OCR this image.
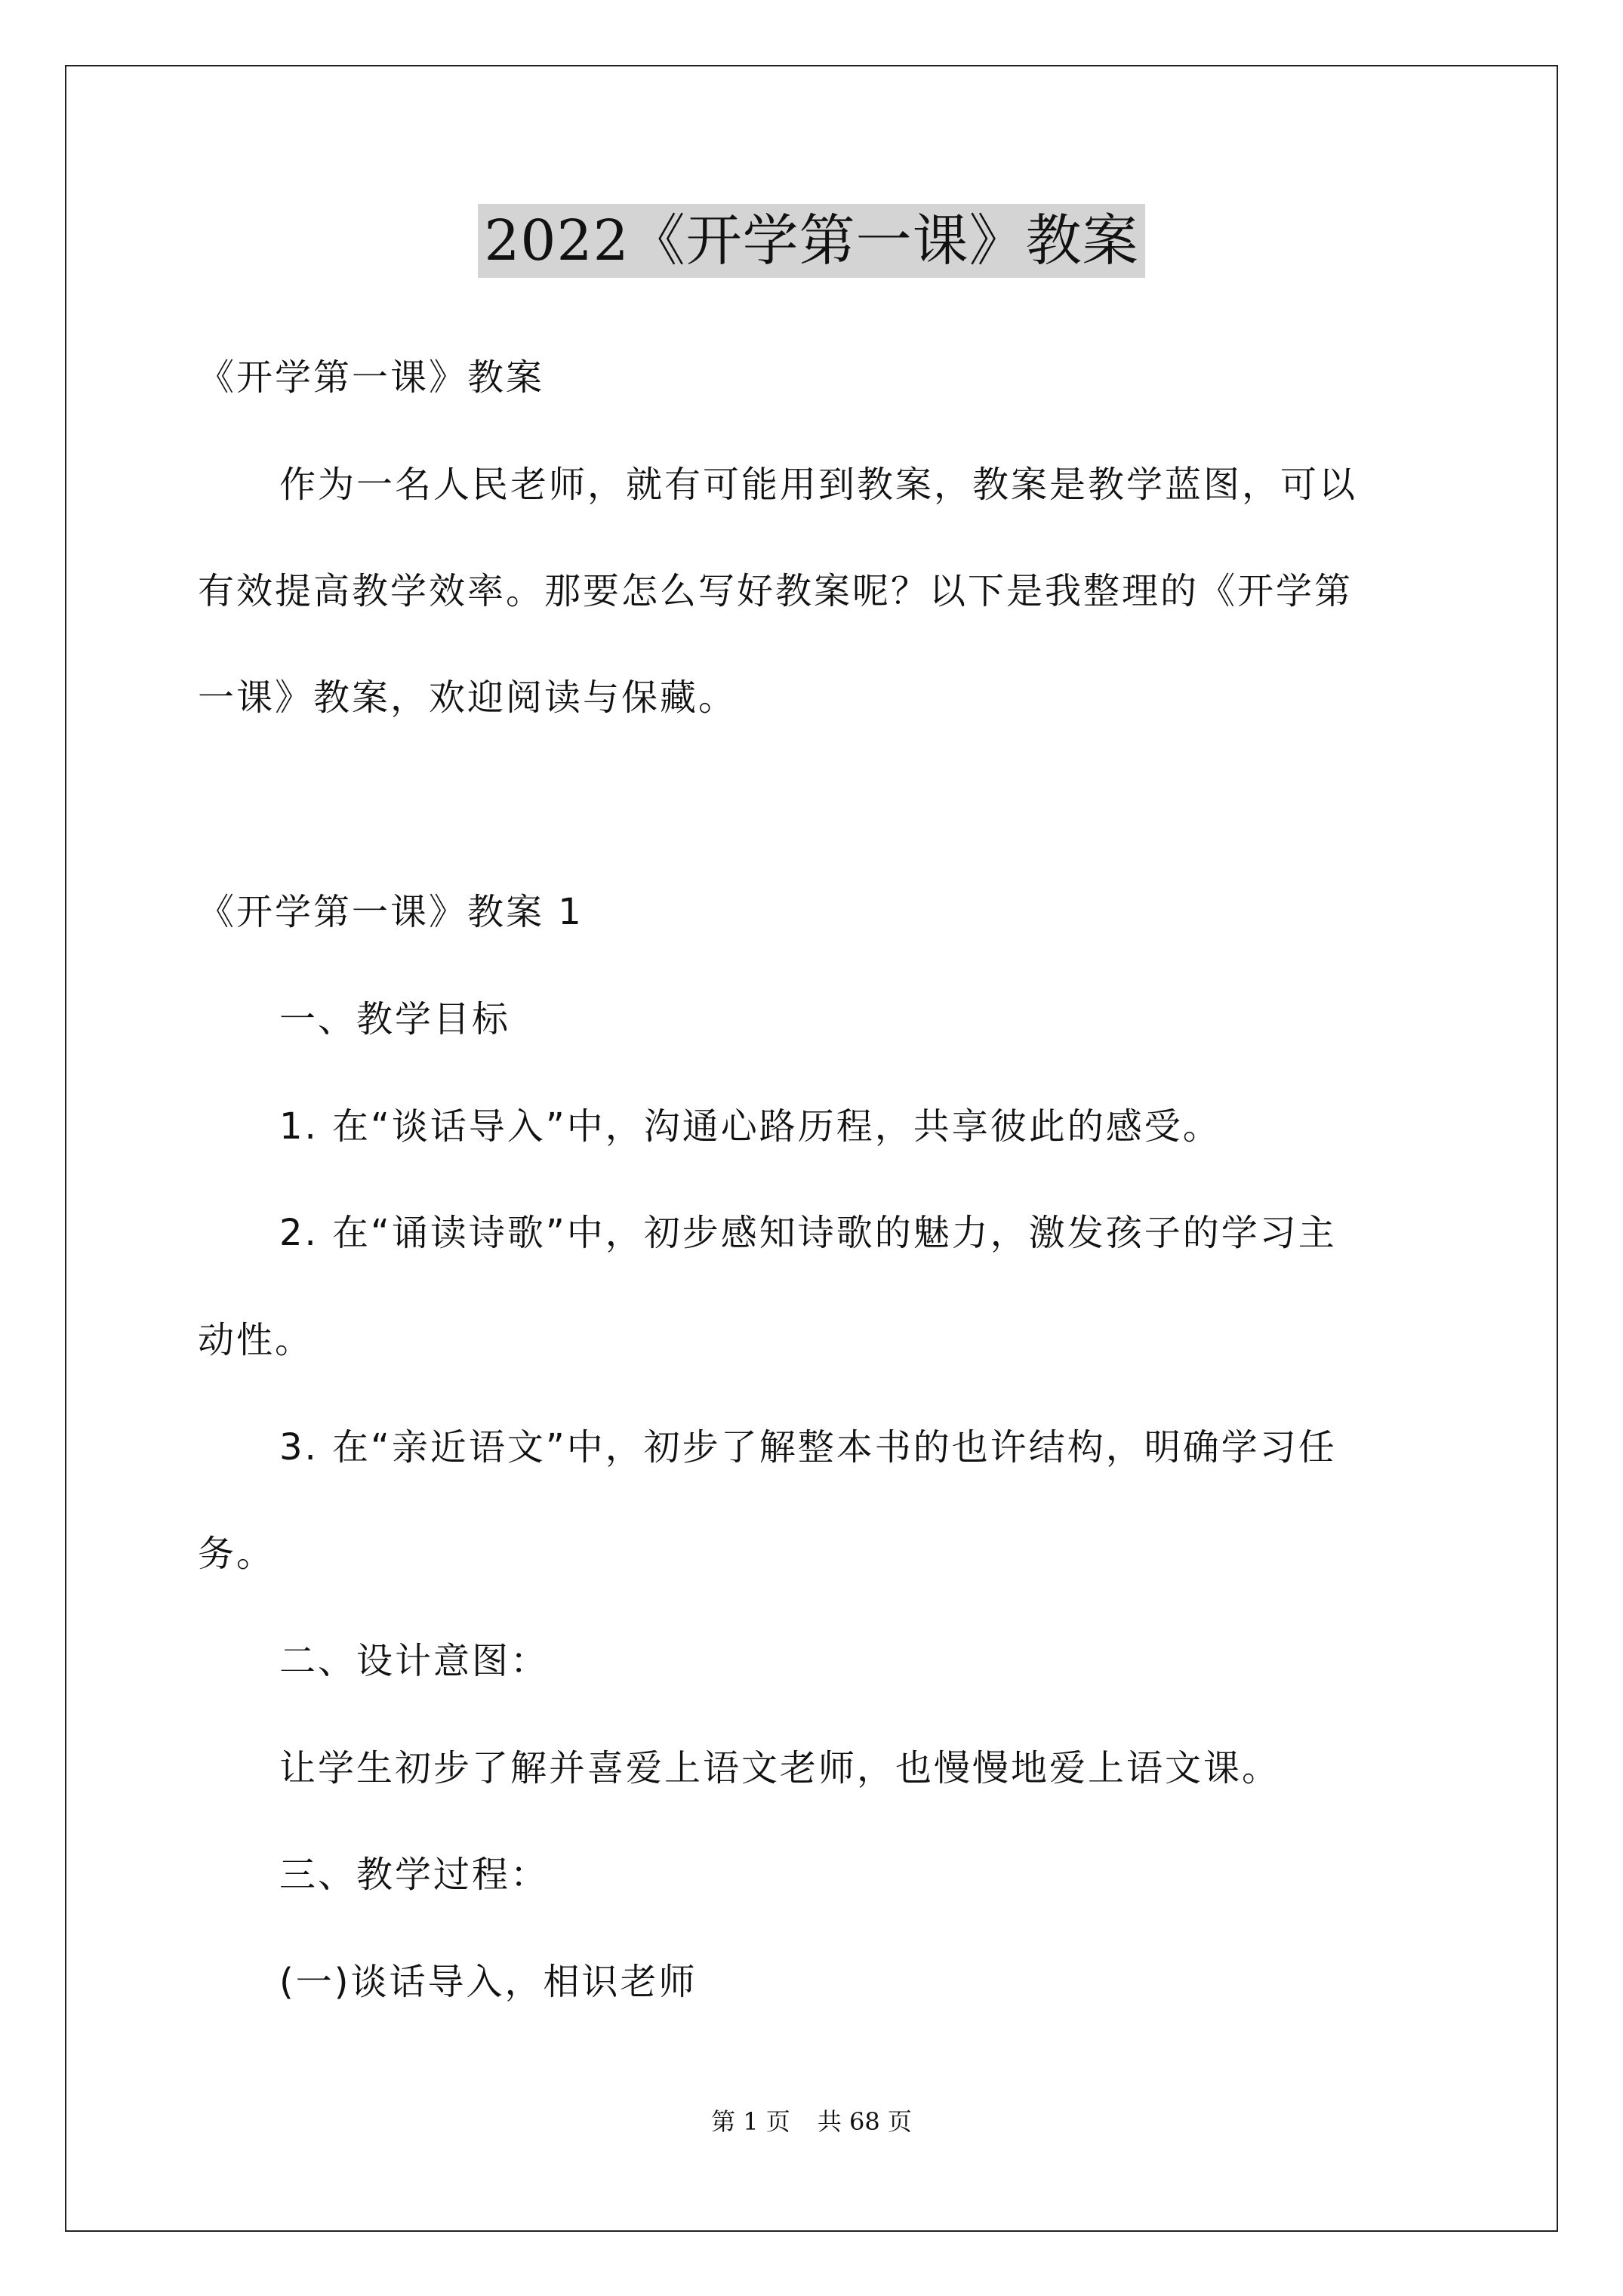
2022《开学第一课》教案

《开学第一课》教案

作为一名人民老师，就有可能用到教案，教案是教学蓝图，可以

有效提高教学效率。那要怎么写好教案呢？以下是我整理的《开学第

一课》教案，欢迎阅读与保藏。

《开学第一课》教案 1

一、教学目标

1. 在“谈话导入”中，沟通心路历程，共享彼此的感受。

2. 在“诵读诗歌”中，初步感知诗歌的魅力，激发孩子的学习主

动性。

3. 在“亲近语文”中，初步了解整本书的也许结构，明确学习任

务。

二、设计意图：

让学生初步了解并喜爱上语文老师，也慢慢地爱上语文课。

三、教学过程：

(一)谈话导入，相识老师

第 1 页 共 68 页
